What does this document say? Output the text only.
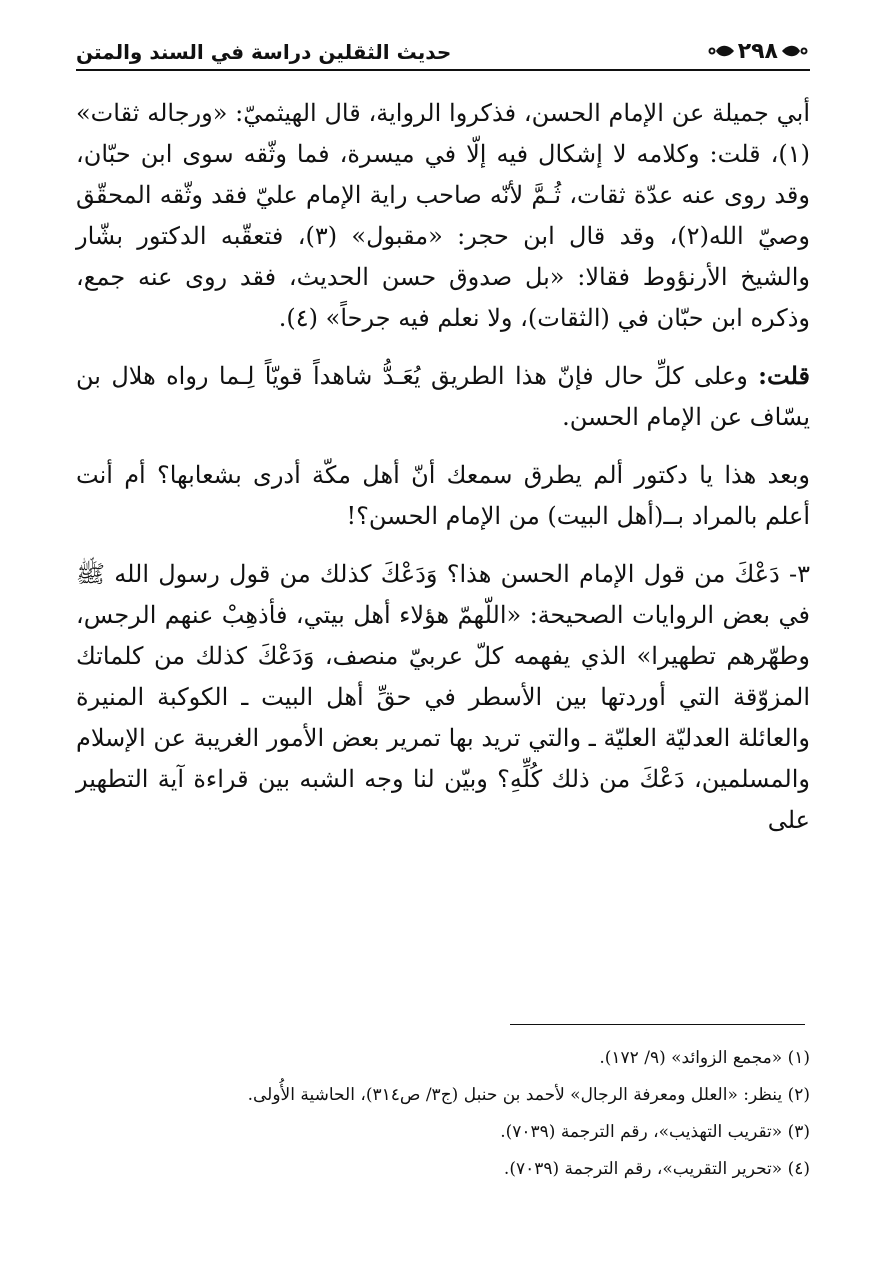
حديث الثقلين دراسة في السند والمتن	٢٩٨

أبي جميلة عن الإمام الحسن، فذكروا الرواية، قال الهيثميّ: «ورجاله ثقات» (١)، قلت: وكلامه لا إشكال فيه إلّا في ميسرة، فما وثّقه سوى ابن حبّان، وقد روى عنه عدّة ثقات، ثُـمَّ لأنّه صاحب راية الإمام عليّ فقد وثّقه المحقّق وصيّ الله(٢)، وقد قال ابن حجر: «مقبول» (٣)، فتعقّبه الدكتور بشّار والشيخ الأرنؤوط فقالا: «بل صدوق حسن الحديث، فقد روى عنه جمع، وذكره ابن حبّان في (الثقات)، ولا نعلم فيه جرحاً» (٤).

قلت: وعلى كلِّ حال فإنّ هذا الطريق يُعَـدُّ شاهداً قويّاً لِـما رواه هلال بن يسّاف عن الإمام الحسن.

وبعد هذا يا دكتور ألم يطرق سمعك أنّ أهل مكّة أدرى بشعابها؟ أم أنت أعلم بالمراد بــ(أهل البيت) من الإمام الحسن؟!

٣- دَعْكَ من قول الإمام الحسن هذا؟ وَدَعْكَ كذلك من قول رسول الله ﷺ في بعض الروايات الصحيحة: «اللّهمّ هؤلاء أهل بيتي، فأذهِبْ عنهم الرجس، وطهّرهم تطهيرا» الذي يفهمه كلّ عربيّ منصف، وَدَعْكَ كذلك من كلماتك المزوّقة التي أوردتها بين الأسطر في حقِّ أهل البيت ـ الكوكبة المنيرة والعائلة العدليّة العليّة ـ والتي تريد بها تمرير بعض الأمور الغريبة عن الإسلام والمسلمين، دَعْكَ من ذلك كُلِّهِ؟ وبيّن لنا وجه الشبه بين قراءة آية التطهير على

(١) «مجمع الزوائد» (٩/ ١٧٢).

(٢) ينظر: «العلل ومعرفة الرجال» لأحمد بن حنبل (ج٣/ ص٣١٤)، الحاشية الأُولى.

(٣) «تقريب التهذيب»، رقم الترجمة (٧٠٣٩).

(٤) «تحرير التقريب»، رقم الترجمة (٧٠٣٩).
